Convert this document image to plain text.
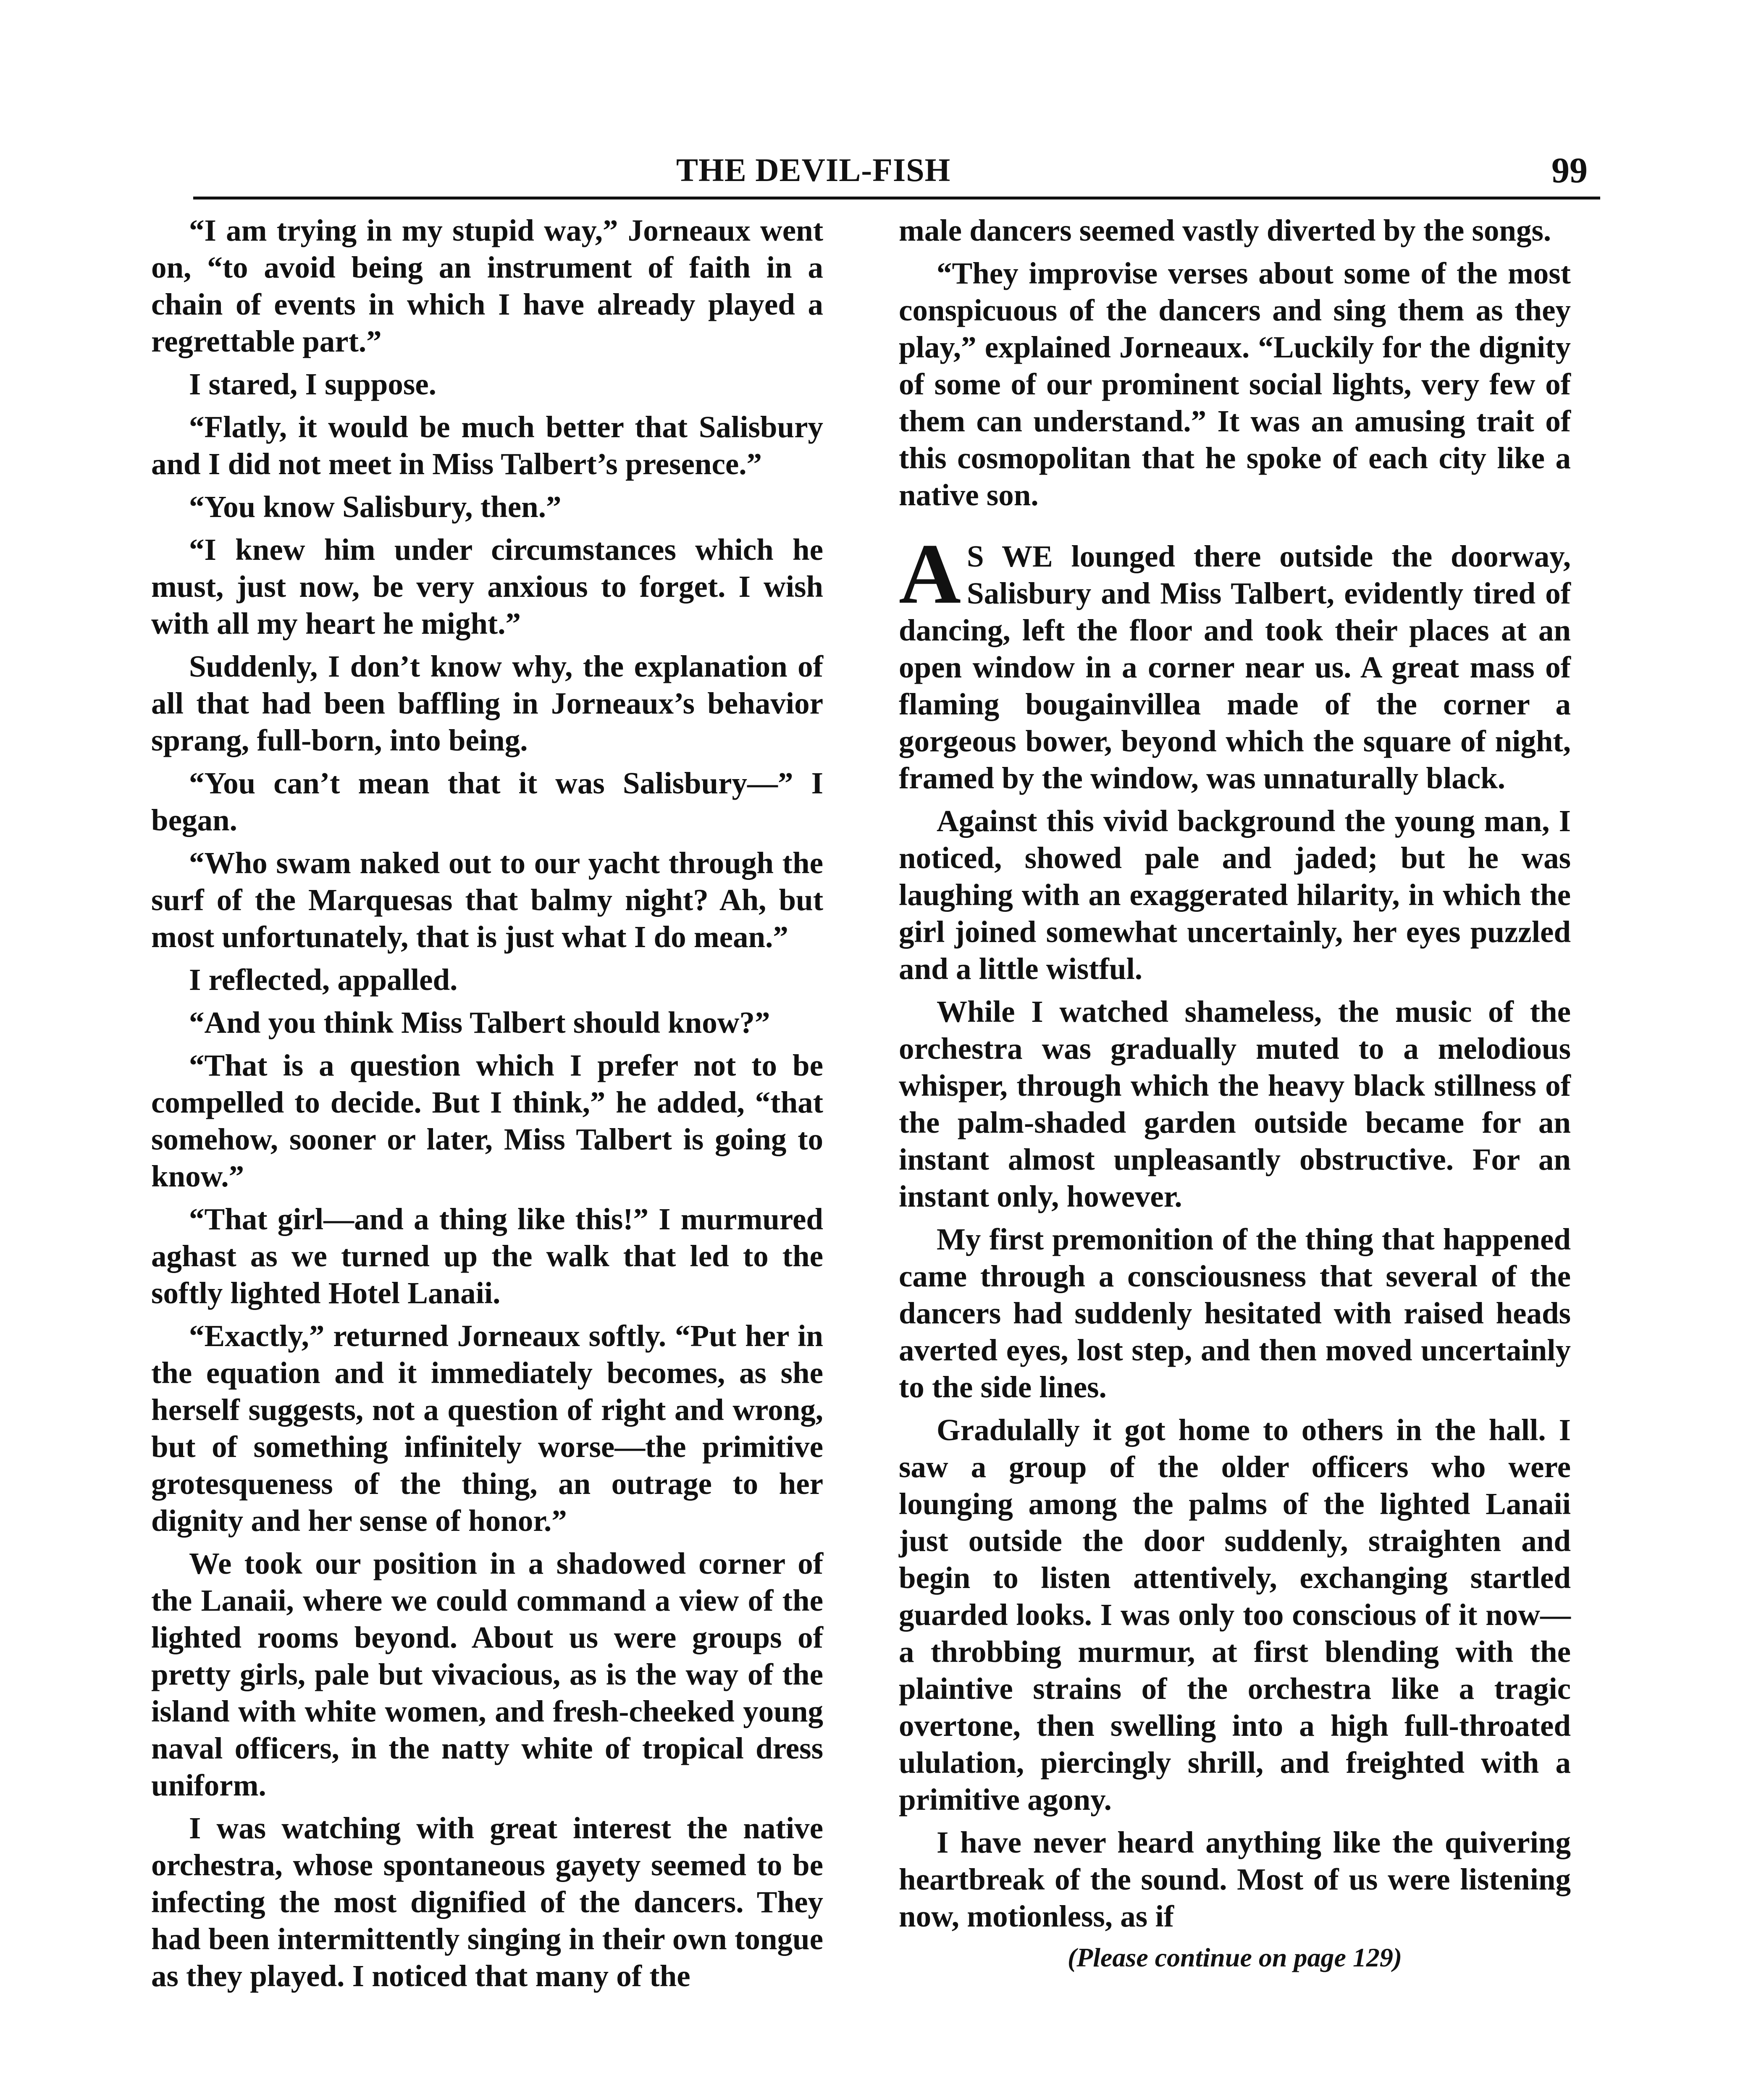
THE DEVIL-FISH	99

“I am trying in my stupid way,” Jorneaux went on, “to avoid being an instrument of faith in a chain of events in which I have already played a regrettable part.”

I stared, I suppose.

“Flatly, it would be much better that Salisbury and I did not meet in Miss Talbert’s presence.”

“You know Salisbury, then.”

“I knew him under circumstances which he must, just now, be very anxious to forget. I wish with all my heart he might.”

Suddenly, I don’t know why, the explanation of all that had been baffling in Jorneaux’s behavior sprang, full-born, into being.

“You can’t mean that it was Salisbury—” I began.

“Who swam naked out to our yacht through the surf of the Marquesas that balmy night? Ah, but most unfortunately, that is just what I do mean.”

I reflected, appalled.

“And you think Miss Talbert should know?”

“That is a question which I prefer not to be compelled to decide. But I think,” he added, “that somehow, sooner or later, Miss Talbert is going to know.”

“That girl—and a thing like this!” I murmured aghast as we turned up the walk that led to the softly lighted Hotel Lanaii.

“Exactly,” returned Jorneaux softly. “Put her in the equation and it immediately becomes, as she herself suggests, not a question of right and wrong, but of something infinitely worse—the primitive grotesqueness of the thing, an outrage to her dignity and her sense of honor.”

We took our position in a shadowed corner of the Lanaii, where we could command a view of the lighted rooms beyond. About us were groups of pretty girls, pale but vivacious, as is the way of the island with white women, and fresh-cheeked young naval officers, in the natty white of tropical dress uniform.

I was watching with great interest the native orchestra, whose spontaneous gayety seemed to be infecting the most dignified of the dancers. They had been intermittently singing in their own tongue as they played. I noticed that many of the

male dancers seemed vastly diverted by the songs.

“They improvise verses about some of the most conspicuous of the dancers and sing them as they play,” explained Jorneaux. “Luckily for the dignity of some of our prominent social lights, very few of them can understand.” It was an amusing trait of this cosmopolitan that he spoke of each city like a native son.

A S WE lounged there outside the doorway, Salisbury and Miss Talbert, evidently tired of dancing, left the floor and took their places at an open window in a corner near us. A great mass of flaming bougainvillea made of the corner a gorgeous bower, beyond which the square of night, framed by the window, was unnaturally black.

Against this vivid background the young man, I noticed, showed pale and jaded; but he was laughing with an exaggerated hilarity, in which the girl joined somewhat uncertainly, her eyes puzzled and a little wistful.

While I watched shameless, the music of the orchestra was gradually muted to a melodious whisper, through which the heavy black stillness of the palm-shaded garden outside became for an instant almost unpleasantly obstructive. For an instant only, however.

My first premonition of the thing that happened came through a consciousness that several of the dancers had suddenly hesitated with raised heads averted eyes, lost step, and then moved uncertainly to the side lines.

Gradulally it got home to others in the hall. I saw a group of the older officers who were lounging among the palms of the lighted Lanaii just outside the door suddenly, straighten and begin to listen attentively, exchanging startled guarded looks. I was only too conscious of it now—a throbbing murmur, at first blending with the plaintive strains of the orchestra like a tragic overtone, then swelling into a high full-throated ululation, piercingly shrill, and freighted with a primitive agony.

I have never heard anything like the quivering heartbreak of the sound. Most of us were listening now, motionless, as if

(Please continue on page 129)
